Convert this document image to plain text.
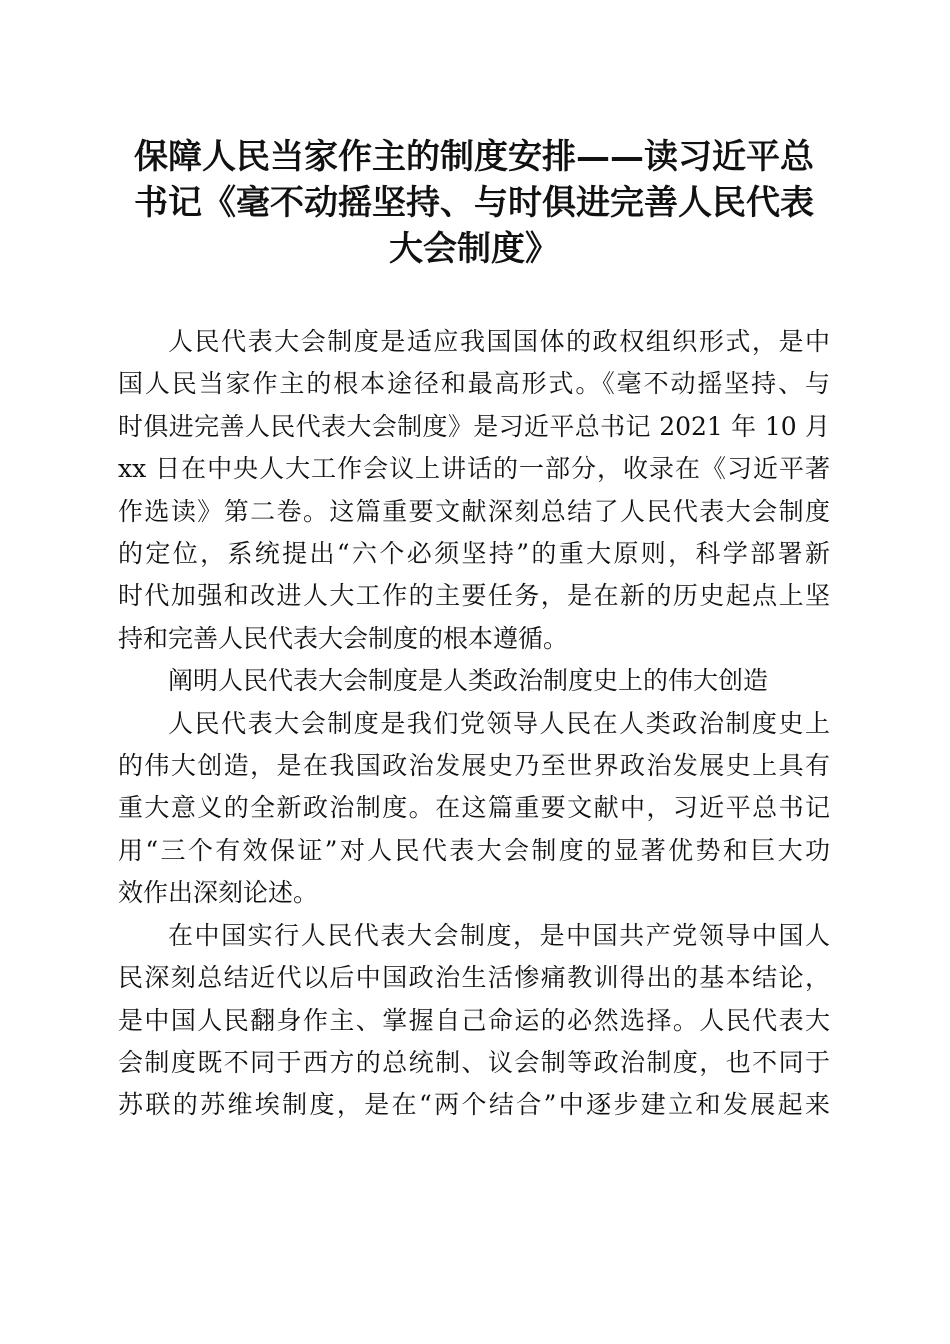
保障人民当家作主的制度安排——读习近平总
书记《毫不动摇坚持、与时俱进完善人民代表
大会制度》

人民代表大会制度是适应我国国体的政权组织形式，是中
国人民当家作主的根本途径和最高形式。《毫不动摇坚持、与
时俱进完善人民代表大会制度》是习近平总书记 2021 年 10 月
xx 日在中央人大工作会议上讲话的一部分，收录在《习近平著
作选读》第二卷。这篇重要文献深刻总结了人民代表大会制度
的定位，系统提出“六个必须坚持”的重大原则，科学部署新
时代加强和改进人大工作的主要任务，是在新的历史起点上坚
持和完善人民代表大会制度的根本遵循。

阐明人民代表大会制度是人类政治制度史上的伟大创造

人民代表大会制度是我们党领导人民在人类政治制度史上
的伟大创造，是在我国政治发展史乃至世界政治发展史上具有
重大意义的全新政治制度。在这篇重要文献中，习近平总书记
用“三个有效保证”对人民代表大会制度的显著优势和巨大功
效作出深刻论述。

在中国实行人民代表大会制度，是中国共产党领导中国人
民深刻总结近代以后中国政治生活惨痛教训得出的基本结论，
是中国人民翻身作主、掌握自己命运的必然选择。人民代表大
会制度既不同于西方的总统制、议会制等政治制度，也不同于
苏联的苏维埃制度，是在“两个结合”中逐步建立和发展起来
